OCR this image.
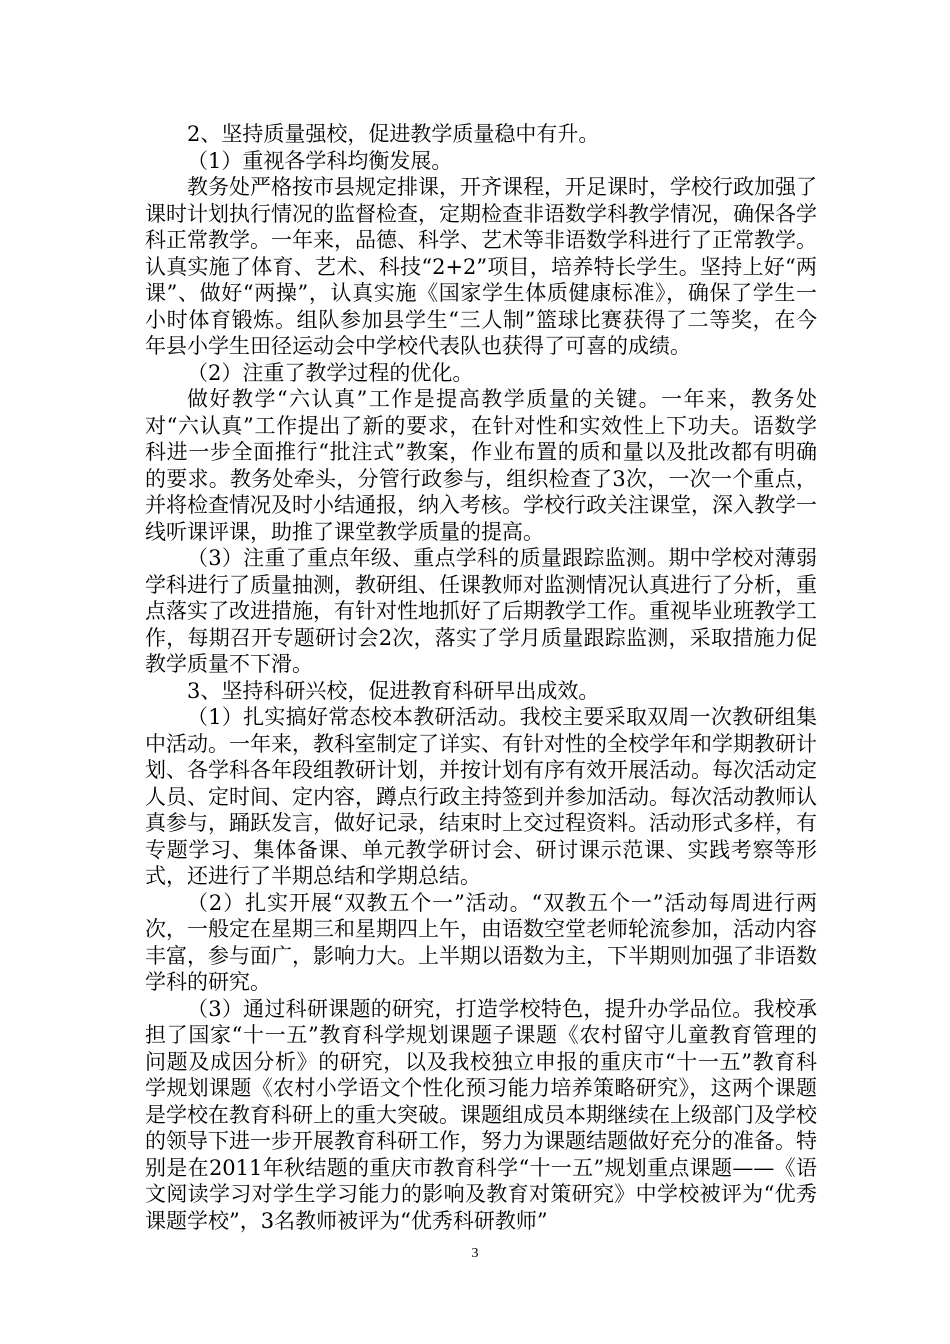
2、坚持质量强校，促进教学质量稳中有升。

（1）重视各学科均衡发展。

教务处严格按市县规定排课，开齐课程，开足课时，学校行政加强了课时计划执行情况的监督检查，定期检查非语数学科教学情况，确保各学科正常教学。一年来，品德、科学、艺术等非语数学科进行了正常教学。认真实施了体育、艺术、科技“2+2”项目，培养特长学生。坚持上好“两课”、做好“两操”，认真实施《国家学生体质健康标准》，确保了学生一小时体育锻炼。组队参加县学生“三人制”篮球比赛获得了二等奖，在今年县小学生田径运动会中学校代表队也获得了可喜的成绩。

（2）注重了教学过程的优化。

做好教学“六认真”工作是提高教学质量的关键。一年来，教务处对“六认真”工作提出了新的要求，在针对性和实效性上下功夫。语数学科进一步全面推行“批注式”教案，作业布置的质和量以及批改都有明确的要求。教务处牵头，分管行政参与，组织检查了3次，一次一个重点，并将检查情况及时小结通报，纳入考核。学校行政关注课堂，深入教学一线听课评课，助推了课堂教学质量的提高。

（3）注重了重点年级、重点学科的质量跟踪监测。期中学校对薄弱学科进行了质量抽测，教研组、任课教师对监测情况认真进行了分析，重点落实了改进措施，有针对性地抓好了后期教学工作。重视毕业班教学工作，每期召开专题研讨会2次，落实了学月质量跟踪监测，采取措施力促教学质量不下滑。

3、坚持科研兴校，促进教育科研早出成效。

（1）扎实搞好常态校本教研活动。我校主要采取双周一次教研组集中活动。一年来，教科室制定了详实、有针对性的全校学年和学期教研计划、各学科各年段组教研计划，并按计划有序有效开展活动。每次活动定人员、定时间、定内容，蹲点行政主持签到并参加活动。每次活动教师认真参与，踊跃发言，做好记录，结束时上交过程资料。活动形式多样，有专题学习、集体备课、单元教学研讨会、研讨课示范课、实践考察等形式，还进行了半期总结和学期总结。

（2）扎实开展“双教五个一”活动。“双教五个一”活动每周进行两次，一般定在星期三和星期四上午，由语数空堂老师轮流参加，活动内容丰富，参与面广，影响力大。上半期以语数为主，下半期则加强了非语数学科的研究。

（3）通过科研课题的研究，打造学校特色，提升办学品位。我校承担了国家“十一五”教育科学规划课题子课题《农村留守儿童教育管理的问题及成因分析》的研究，以及我校独立申报的重庆市“十一五”教育科学规划课题《农村小学语文个性化预习能力培养策略研究》，这两个课题是学校在教育科研上的重大突破。课题组成员本期继续在上级部门及学校的领导下进一步开展教育科研工作，努力为课题结题做好充分的准备。特别是在2011年秋结题的重庆市教育科学“十一五”规划重点课题——《语文阅读学习对学生学习能力的影响及教育对策研究》中学校被评为“优秀课题学校”，3名教师被评为“优秀科研教师”

3
